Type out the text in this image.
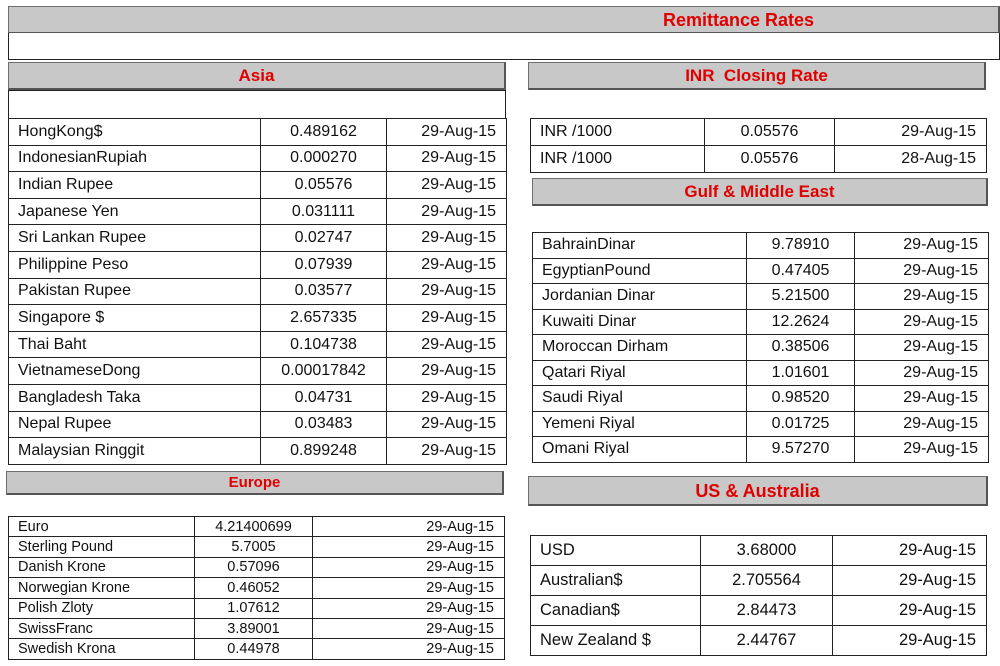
Remittance Rates
Asia
HongKong$	0.489162	29-Aug-15
IndonesianRupiah	0.000270	29-Aug-15
Indian Rupee	0.05576	29-Aug-15
Japanese Yen	0.031111	29-Aug-15
Sri Lankan Rupee	0.02747	29-Aug-15
Philippine Peso	0.07939	29-Aug-15
Pakistan Rupee	0.03577	29-Aug-15
Singapore $	2.657335	29-Aug-15
Thai Baht	0.104738	29-Aug-15
VietnameseDong	0.00017842	29-Aug-15
Bangladesh Taka	0.04731	29-Aug-15
Nepal Rupee	0.03483	29-Aug-15
Malaysian Ringgit	0.899248	29-Aug-15
Europe
Euro	4.21400699	29-Aug-15
Sterling Pound	5.7005	29-Aug-15
Danish Krone	0.57096	29-Aug-15
Norwegian Krone	0.46052	29-Aug-15
Polish Zloty	1.07612	29-Aug-15
SwissFranc	3.89001	29-Aug-15
Swedish Krona	0.44978	29-Aug-15
INR  Closing Rate
INR /1000	0.05576	29-Aug-15
INR /1000	0.05576	28-Aug-15
Gulf & Middle East
BahrainDinar	9.78910	29-Aug-15
EgyptianPound	0.47405	29-Aug-15
Jordanian Dinar	5.21500	29-Aug-15
Kuwaiti Dinar	12.2624	29-Aug-15
Moroccan Dirham	0.38506	29-Aug-15
Qatari Riyal	1.01601	29-Aug-15
Saudi Riyal	0.98520	29-Aug-15
Yemeni Riyal	0.01725	29-Aug-15
Omani Riyal	9.57270	29-Aug-15
US & Australia
USD	3.68000	29-Aug-15
Australian$	2.705564	29-Aug-15
Canadian$	2.84473	29-Aug-15
New Zealand $	2.44767	29-Aug-15
